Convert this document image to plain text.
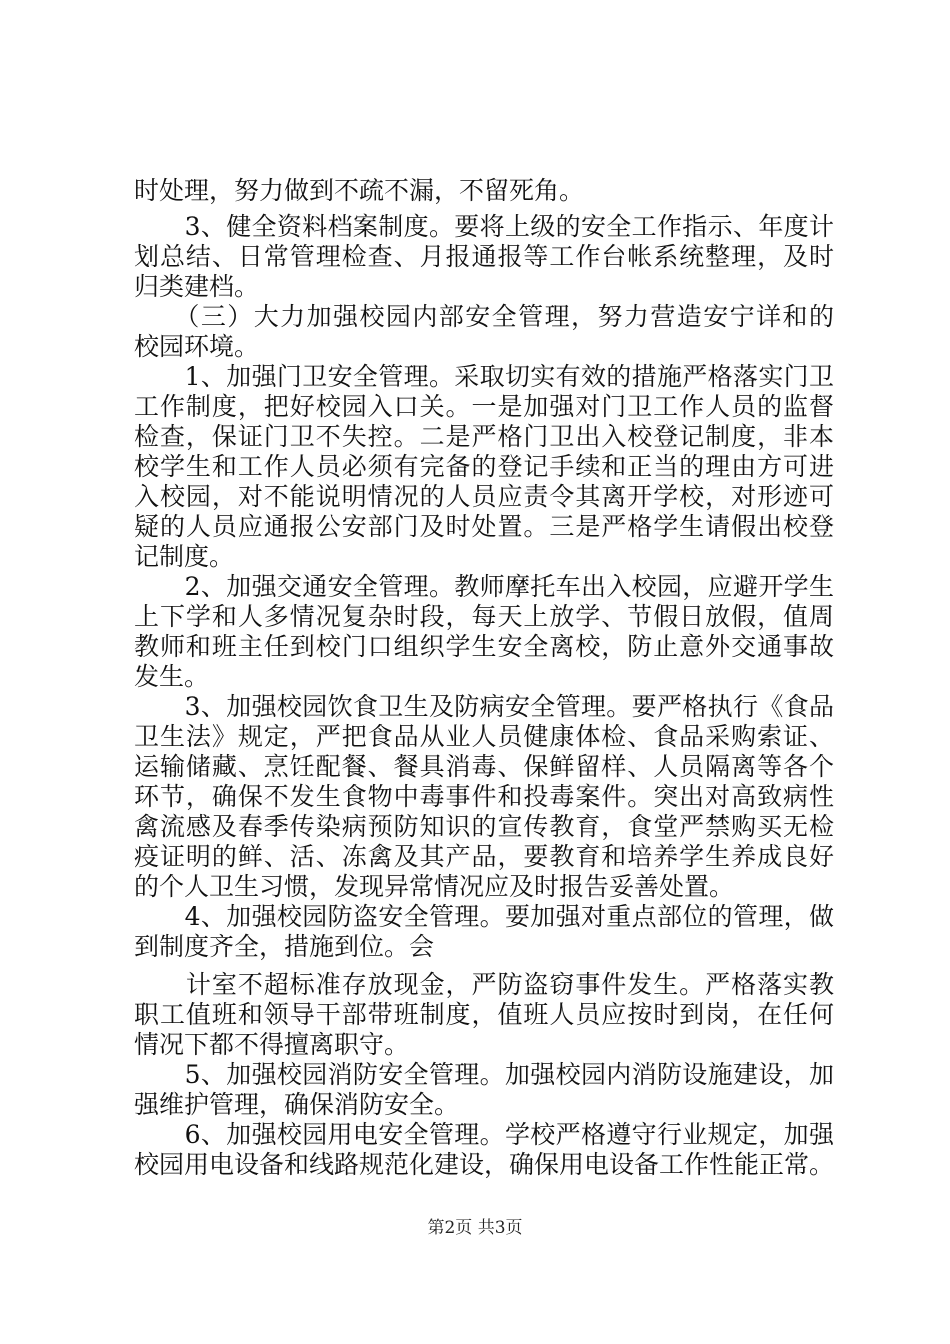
时处理，努力做到不疏不漏，不留死角。
　　3、健全资料档案制度。要将上级的安全工作指示、年度计
划总结、日常管理检查、月报通报等工作台帐系统整理，及时
归类建档。
　　（三）大力加强校园内部安全管理，努力营造安宁详和的
校园环境。
　　1、加强门卫安全管理。采取切实有效的措施严格落实门卫
工作制度，把好校园入口关。一是加强对门卫工作人员的监督
检查，保证门卫不失控。二是严格门卫出入校登记制度，非本
校学生和工作人员必须有完备的登记手续和正当的理由方可进
入校园，对不能说明情况的人员应责令其离开学校，对形迹可
疑的人员应通报公安部门及时处置。三是严格学生请假出校登
记制度。
　　2、加强交通安全管理。教师摩托车出入校园，应避开学生
上下学和人多情况复杂时段，每天上放学、节假日放假，值周
教师和班主任到校门口组织学生安全离校，防止意外交通事故
发生。
　　3、加强校园饮食卫生及防病安全管理。要严格执行《食品
卫生法》规定，严把食品从业人员健康体检、食品采购索证、
运输储藏、烹饪配餐、餐具消毒、保鲜留样、人员隔离等各个
环节，确保不发生食物中毒事件和投毒案件。突出对高致病性
禽流感及春季传染病预防知识的宣传教育，食堂严禁购买无检
疫证明的鲜、活、冻禽及其产品，要教育和培养学生养成良好
的个人卫生习惯，发现异常情况应及时报告妥善处置。
　　4、加强校园防盗安全管理。要加强对重点部位的管理，做
到制度齐全，措施到位。会
　　计室不超标准存放现金，严防盗窃事件发生。严格落实教
职工值班和领导干部带班制度，值班人员应按时到岗，在任何
情况下都不得擅离职守。
　　5、加强校园消防安全管理。加强校园内消防设施建设，加
强维护管理，确保消防安全。
　　6、加强校园用电安全管理。学校严格遵守行业规定，加强
校园用电设备和线路规范化建设，确保用电设备工作性能正常。
第2页 共3页
